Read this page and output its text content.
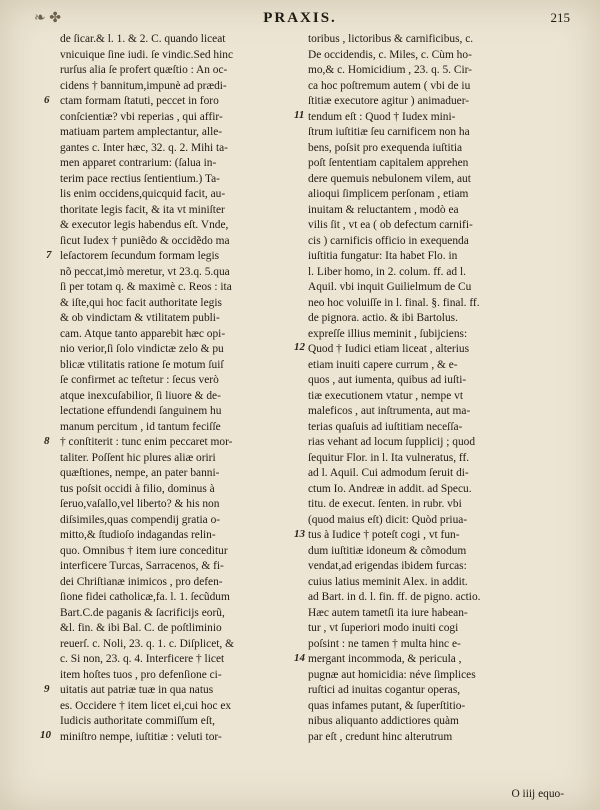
❧ ✤	PRAXIS.	215
de ſicar.& l. 1. & 2. C. quando liceat
vnicuique ſine iudi. ſe vindic.Sed hinc
rurſus alia ſe profert quæſtio : An oc-
cidens † bannitum,impunè ad prædi-
ctam formam ſtatuti, peccet in foro
conſcientiæ? vbi reperias , qui affir-
matiuam partem amplectantur, alle-
gantes c. Inter hæc, 32. q. 2. Mihi ta-
men apparet contrarium: (ſalua in-
terim pace rectius ſentientium.) Ta-
lis enim occidens,quicquid facit, au-
thoritate legis facit, & ita vt miniſter
& executor legis habendus eſt. Vnde,
ſicut Iudex † puniẽdo & occidẽdo ma
leſactorem ſecundum formam legis
nõ peccat,imò meretur, vt 23.q. 5.qua
ſi per totam q. & maximè c. Reos : ita
& iſte,qui hoc facit authoritate legis
& ob vindictam & vtilitatem publi-
cam. Atque tanto apparebit hæc opi-
nio verior,ſi ſolo vindictæ zelo & pu
blicæ vtilitatis ratione ſe motum ſuiſ
ſe confirmet ac teſtetur : ſecus verò
atque inexcuſabilior, ſi liuore & de-
lectatione effundendi ſanguinem hu
manum percitum , id tantum feciſſe
† conſtiterit : tunc enim peccaret mor-
taliter. Poſſent hic plures aliæ oriri
quæſtiones, nempe, an pater banni-
tus poſsit occidi à filio, dominus à
ſeruo,vaſallo,vel liberto? & his non
diſsimiles,quas compendij gratia o-
mitto,& ſtudioſo indagandas relin-
quo. Omnibus † item iure conceditur
interficere Turcas, Sarracenos, & fi-
dei Chriſtianæ inimicos , pro defen-
ſione fidei catholicæ,fa. l. 1. ſecũdum
Bart.C.de paganis & ſacrificijs eorũ,
&l. fin. & ibi Bal. C. de poſtliminio
reuerſ. c. Noli, 23. q. 1. c. Diſplicet, &
c. Si non, 23. q. 4. Interficere † licet
item hoſtes tuos , pro defenſione ci-
uitatis aut patriæ tuæ in qua natus
es. Occidere † item licet ei,cui hoc ex
Iudicis authoritate commiſſum eſt,
miniſtro nempe, iuſtitiæ : veluti tor-
toribus , lictoribus & carnificibus, c.
De occidendis, c. Miles, c. Cùm ho-
mo,& c. Homicidium , 23. q. 5. Cir-
ca hoc poſtremum autem ( vbi de iu
ſtitiæ executore agitur ) animaduer-
tendum eſt : Quod † Iudex mini-
ſtrum iuſtitiæ ſeu carnificem non ha
bens, poſsit pro exequenda iuſtitia
poſt ſententiam capitalem apprehen
dere quemuis nebulonem vilem, aut
alioqui ſimplicem perſonam , etiam
inuitam & reluctantem , modò ea
vilis ſit , vt ea ( ob defectum carnifi-
cis ) carnificis officio in exequenda
iuſtitia fungatur: Ita habet Flo. in
l. Liber homo, in 2. colum. ff. ad l.
Aquil. vbi inquit Guilielmum de Cu
neo hoc voluiſſe in l. final. §. final. ff.
de pignora. actio. & ibi Bartolus.
expreſſe illius meminit , ſubijciens:
Quod † Iudici etiam liceat , alterius
etiam inuiti capere currum , & e-
quos , aut iumenta, quibus ad iuſti-
tiæ executionem vtatur , nempe vt
maleficos , aut inſtrumenta, aut ma-
terias quaſuis ad iuſtitiam neceſſa-
rias vehant ad locum ſupplicij ; quod
ſequitur Flor. in l. Ita vulneratus, ff.
ad l. Aquil. Cui admodum ſeruit di-
ctum Io. Andreæ in addit. ad Specu.
titu. de execut. ſenten. in rubr. vbi
(quod maius eſt) dicit: Quòd priua-
tus à Iudice † poteſt cogi , vt fun-
dum iuſtitiæ idoneum & cõmodum
vendat,ad erigendas ibidem furcas:
cuius latius meminit Alex. in addit.
ad Bart. in d. l. fin. ff. de pigno. actio.
Hæc autem tametſi ita iure habean-
tur , vt ſuperiori modo inuiti cogi
poſsint : ne tamen † multa hinc e-
mergant incommoda, & pericula ,
pugnæ aut homicidia: néve ſimplices
ruſtici ad inuitas cogantur operas,
quas infames putant, & ſuperſtitio-
nibus aliquanto addictiores quàm
par eſt , credunt hinc alterutrum
6
7
8
9
10
11
12
13
14
O iiij equo-
